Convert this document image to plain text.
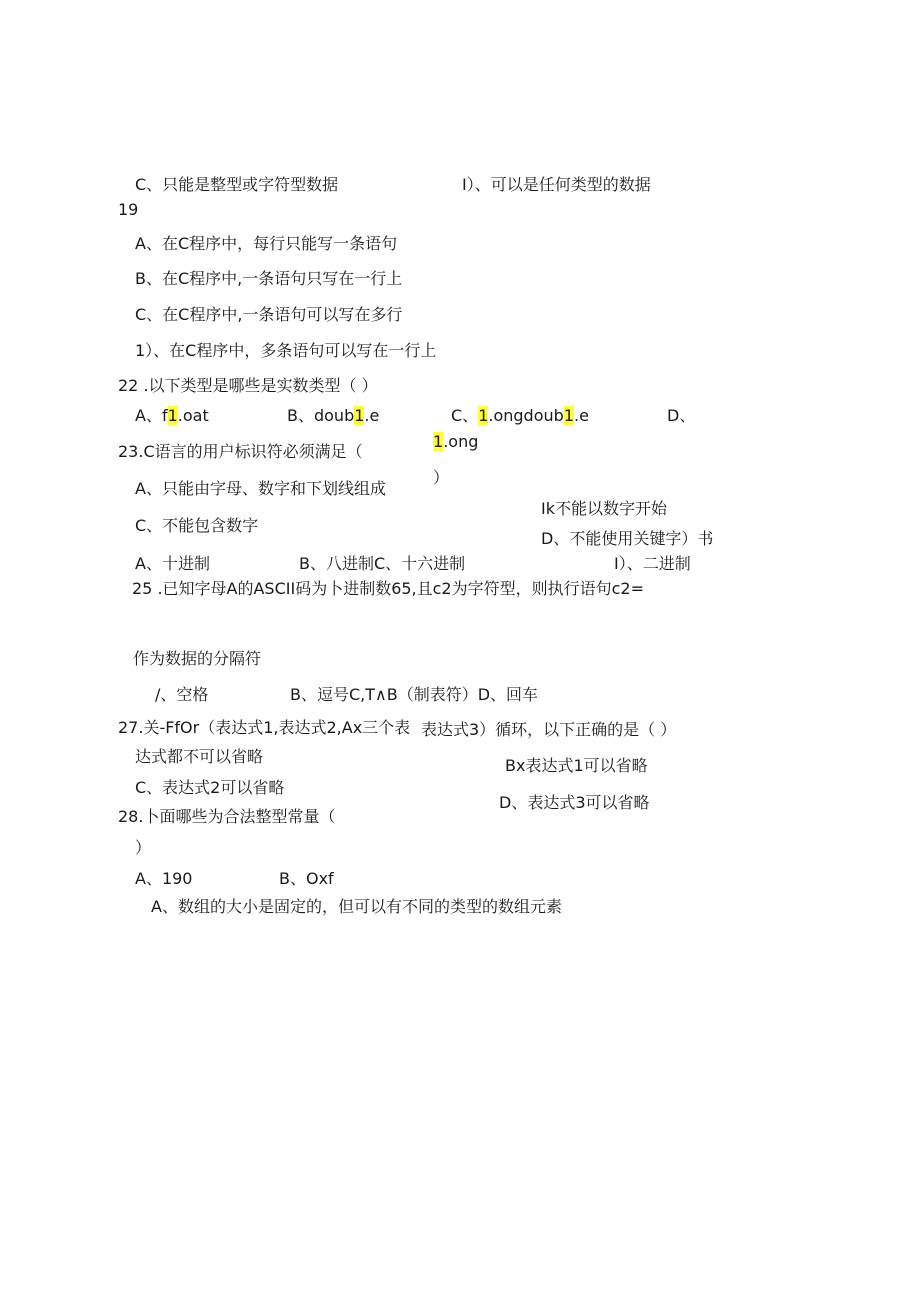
C、只能是整型或字符型数据	I）、可以是任何类型的数据
19
A、在C程序中，每行只能写一条语句
B、在C程序中,一条语句只写在一行上
C、在C程序中,一条语句可以写在多行
1）、在C程序中，多条语句可以写在一行上
22 .以下类型是哪些是实数类型（ ）
A、f1.oat	B、doub1.e	C、1.ongdoub1.e	D、
1.ong
23.C语言的用户标识符必须满足（
）
A、只能由字母、数字和下划线组成
Ik不能以数字开始
C、不能包含数字
D、不能使用关键字）书
A、十进制	B、八进制C、十六进制	I）、二进制
25 .已知字母A的ASCII码为卜进制数65,且c2为字符型，则执行语句c2=
作为数据的分隔符
/、空格	B、逗号C,T∧B（制表符）D、回车
27.关-FfOr（表达式1,表达式2,Ax三个表 表达式3）循环，以下正确的是（ ）
达式都不可以省略	Bx表达式1可以省略
C、表达式2可以省略
D、表达式3可以省略
28.卜面哪些为合法整型常量（
）
A、190	B、Oxf
A、数组的大小是固定的，但可以有不同的类型的数组元素
